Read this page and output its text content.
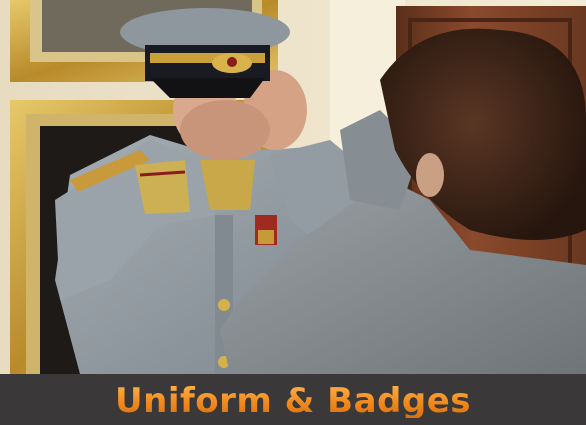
Uniform & Badges
